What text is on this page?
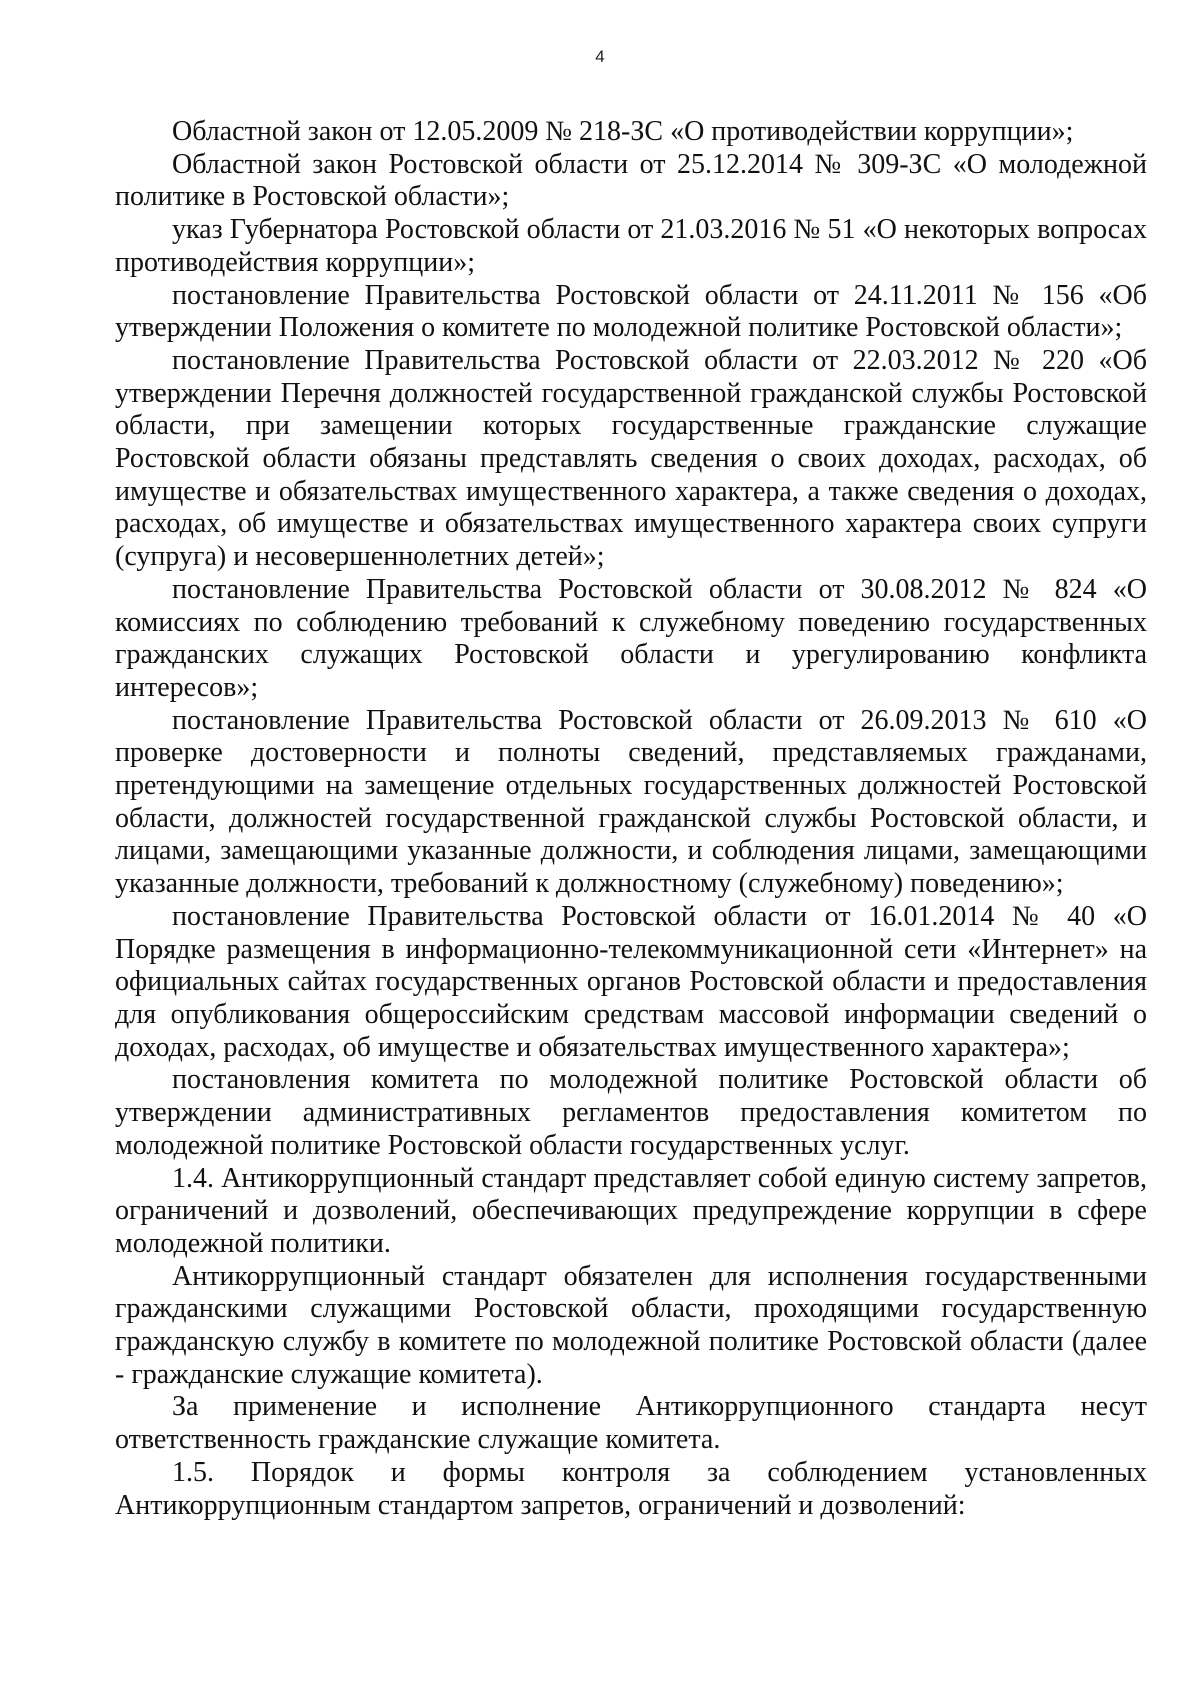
4

Областной закон от 12.05.2009 № 218-ЗС «О противодействии коррупции»;

Областной закон Ростовской области от 25.12.2014 № 309-ЗС «О молодежной политике в Ростовской области»;

указ Губернатора Ростовской области от 21.03.2016 № 51 «О некоторых вопросах противодействия коррупции»;

постановление Правительства Ростовской области от 24.11.2011 № 156 «Об утверждении Положения о комитете по молодежной политике Ростовской области»;

постановление Правительства Ростовской области от 22.03.2012 № 220 «Об утверждении Перечня должностей государственной гражданской службы Ростовской области, при замещении которых государственные гражданские служащие Ростовской области обязаны представлять сведения о своих доходах, расходах, об имуществе и обязательствах имущественного характера, а также сведения о доходах, расходах, об имуществе и обязательствах имущественного характера своих супруги (супруга) и несовершеннолетних детей»;

постановление Правительства Ростовской области от 30.08.2012 № 824 «О комиссиях по соблюдению требований к служебному поведению государственных гражданских служащих Ростовской области и урегулированию конфликта интересов»;

постановление Правительства Ростовской области от 26.09.2013 № 610 «О проверке достоверности и полноты сведений, представляемых гражданами, претендующими на замещение отдельных государственных должностей Ростовской области, должностей государственной гражданской службы Ростовской области, и лицами, замещающими указанные должности, и соблюдения лицами, замещающими указанные должности, требований к должностному (служебному) поведению»;

постановление Правительства Ростовской области от 16.01.2014 № 40 «О Порядке размещения в информационно-телекоммуникационной сети «Интернет» на официальных сайтах государственных органов Ростовской области и предоставления для опубликования общероссийским средствам массовой информации сведений о доходах, расходах, об имуществе и обязательствах имущественного характера»;

постановления комитета по молодежной политике Ростовской области об утверждении административных регламентов предоставления комитетом по молодежной политике Ростовской области государственных услуг.

1.4. Антикоррупционный стандарт представляет собой единую систему запретов, ограничений и дозволений, обеспечивающих предупреждение коррупции в сфере молодежной политики.

Антикоррупционный стандарт обязателен для исполнения государственными гражданскими служащими Ростовской области, проходящими государственную гражданскую службу в комитете по молодежной политике Ростовской области (далее - гражданские служащие комитета).

За применение и исполнение Антикоррупционного стандарта несут ответственность гражданские служащие комитета.

1.5. Порядок и формы контроля за соблюдением установленных Антикоррупционным стандартом запретов, ограничений и дозволений:
